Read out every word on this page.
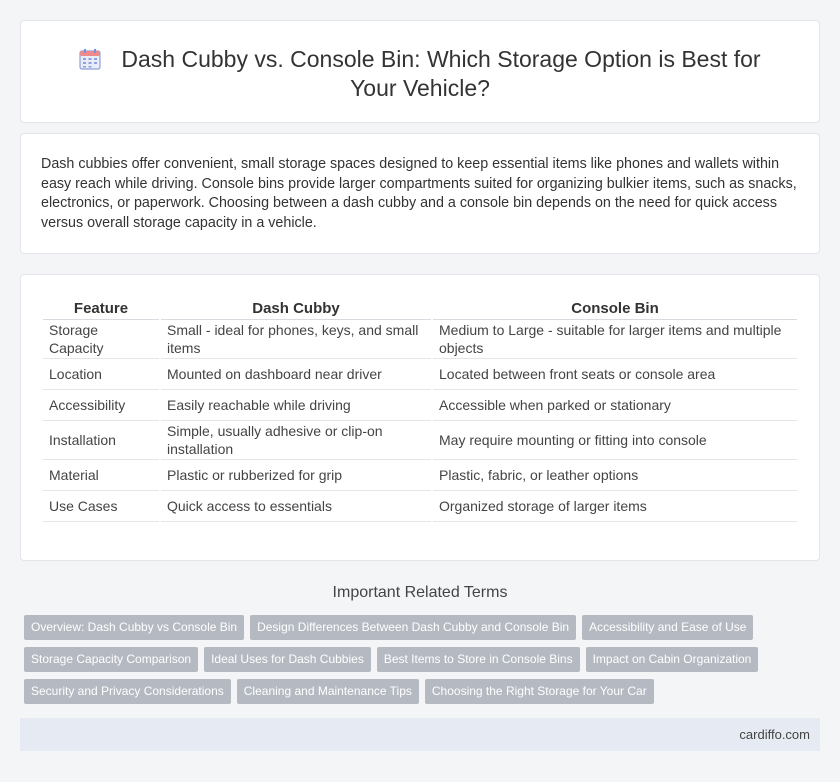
Dash Cubby vs. Console Bin: Which Storage Option is Best for Your Vehicle?

Dash cubbies offer convenient, small storage spaces designed to keep essential items like phones and wallets within easy reach while driving. Console bins provide larger compartments suited for organizing bulkier items, such as snacks, electronics, or paperwork. Choosing between a dash cubby and a console bin depends on the need for quick access versus overall storage capacity in a vehicle.

Feature	Dash Cubby	Console Bin
Storage Capacity	Small - ideal for phones, keys, and small items	Medium to Large - suitable for larger items and multiple objects
Location	Mounted on dashboard near driver	Located between front seats or console area
Accessibility	Easily reachable while driving	Accessible when parked or stationary
Installation	Simple, usually adhesive or clip-on installation	May require mounting or fitting into console
Material	Plastic or rubberized for grip	Plastic, fabric, or leather options
Use Cases	Quick access to essentials	Organized storage of larger items
Important Related Terms
Overview: Dash Cubby vs Console Bin Design Differences Between Dash Cubby and Console Bin Accessibility and Ease of Use
Storage Capacity Comparison Ideal Uses for Dash Cubbies Best Items to Store in Console Bins Impact on Cabin Organization
Security and Privacy Considerations Cleaning and Maintenance Tips Choosing the Right Storage for Your Car
cardiffo.com
